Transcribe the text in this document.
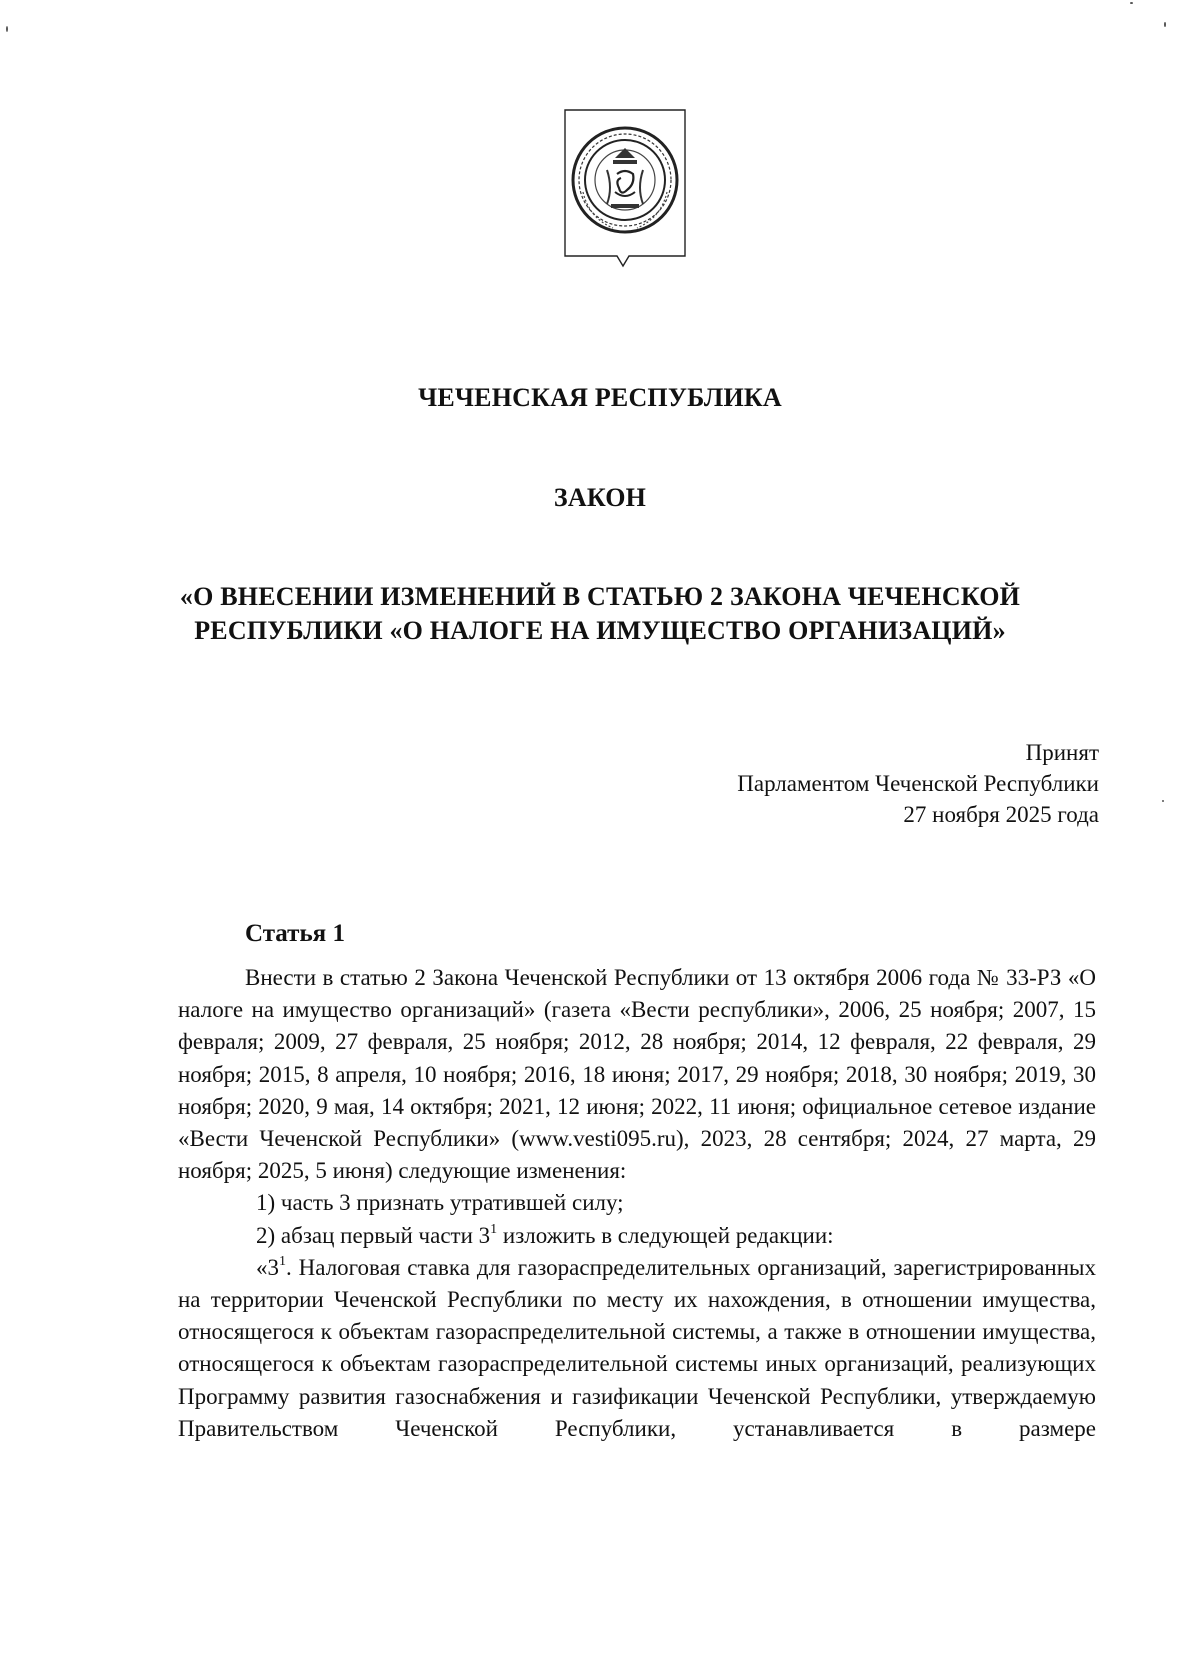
ЧЕЧЕНСКАЯ РЕСПУБЛИКА
ЗАКОН
«О ВНЕСЕНИИ ИЗМЕНЕНИЙ В СТАТЬЮ 2 ЗАКОНА ЧЕЧЕНСКОЙ
РЕСПУБЛИКИ «О НАЛОГЕ НА ИМУЩЕСТВО ОРГАНИЗАЦИЙ»
Принят
Парламентом Чеченской Республики
27 ноября 2025 года
Статья 1

Внести в статью 2 Закона Чеченской Республики от 13 октября 2006 года № 33-РЗ «О налоге на имущество организаций» (газета «Вести республики», 2006, 25 ноября; 2007, 15 февраля; 2009, 27 февраля, 25 ноября; 2012, 28 ноября; 2014, 12 февраля, 22 февраля, 29 ноября; 2015, 8 апреля, 10 ноября; 2016, 18 июня; 2017, 29 ноября; 2018, 30 ноября; 2019, 30 ноября; 2020, 9 мая, 14 октября; 2021, 12 июня; 2022, 11 июня; официальное сетевое издание «Вести Чеченской Республики» (www.vesti095.ru), 2023, 28 сентября; 2024, 27 марта, 29 ноября; 2025, 5 июня) следующие изменения:

1) часть 3 признать утратившей силу;

2) абзац первый части $3^1$ изложить в следующей редакции:

«$3^1$. Налоговая ставка для газораспределительных организаций, зарегистрированных на территории Чеченской Республики по месту их нахождения, в отношении имущества, относящегося к объектам газораспределительной системы, а также в отношении имущества, относящегося к объектам газораспределительной системы иных организаций, реализующих Программу развития газоснабжения и газификации Чеченской Республики, утверждаемую Правительством Чеченской Республики, устанавливается в размере
